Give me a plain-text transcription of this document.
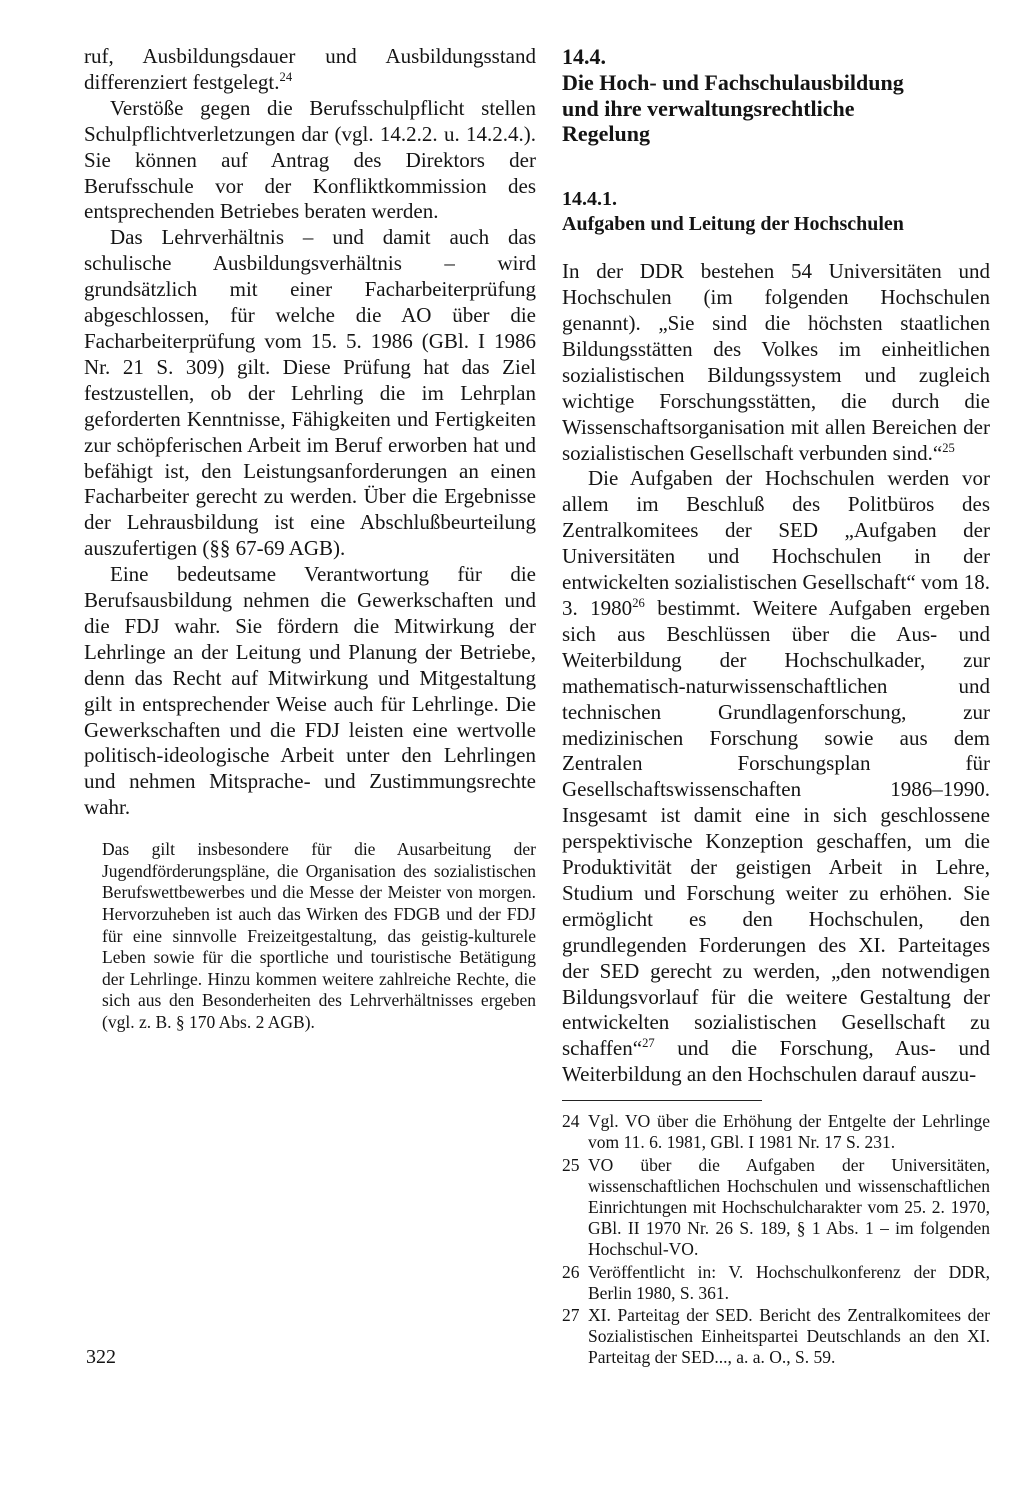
ruf, Ausbildungsdauer und Ausbildungsstand differenziert festgelegt.$^{24}$

Verstöße gegen die Berufsschulpflicht stellen Schulpflichtverletzungen dar (vgl. 14.2.2. u. 14.2.4.). Sie können auf Antrag des Direktors der Berufsschule vor der Konfliktkommission des entsprechenden Betriebes beraten werden.

Das Lehrverhältnis – und damit auch das schulische Ausbildungsverhältnis – wird grundsätzlich mit einer Facharbeiterprüfung abgeschlossen, für welche die AO über die Facharbeiterprüfung vom 15. 5. 1986 (GBl. I 1986 Nr. 21 S. 309) gilt. Diese Prüfung hat das Ziel festzustellen, ob der Lehrling die im Lehrplan geforderten Kenntnisse, Fähigkeiten und Fertigkeiten zur schöpferischen Arbeit im Beruf erworben hat und befähigt ist, den Leistungsanforderungen an einen Facharbeiter gerecht zu werden. Über die Ergebnisse der Lehrausbildung ist eine Abschlußbeurteilung auszufertigen (§§ 67-69 AGB).

Eine bedeutsame Verantwortung für die Berufsausbildung nehmen die Gewerkschaften und die FDJ wahr. Sie fördern die Mitwirkung der Lehrlinge an der Leitung und Planung der Betriebe, denn das Recht auf Mitwirkung und Mitgestaltung gilt in entsprechender Weise auch für Lehrlinge. Die Gewerkschaften und die FDJ leisten eine wertvolle politisch-ideologische Arbeit unter den Lehrlingen und nehmen Mitsprache- und Zustimmungsrechte wahr.

Das gilt insbesondere für die Ausarbeitung der Jugendförderungspläne, die Organisation des sozialistischen Berufswettbewerbes und die Messe der Meister von morgen. Hervorzuheben ist auch das Wirken des FDGB und der FDJ für eine sinnvolle Freizeitgestaltung, das geistig-kulturele Leben sowie für die sportliche und touristische Betätigung der Lehrlinge. Hinzu kommen weitere zahlreiche Rechte, die sich aus den Besonderheiten des Lehrverhältnisses ergeben (vgl. z. B. § 170 Abs. 2 AGB).

14.4.
Die Hoch- und Fachschulausbildung
und ihre verwaltungsrechtliche
Regelung
14.4.1.
Aufgaben und Leitung der Hochschulen

In der DDR bestehen 54 Universitäten und Hochschulen (im folgenden Hochschulen genannt). „Sie sind die höchsten staatlichen Bildungsstätten des Volkes im einheitlichen sozialistischen Bildungssystem und zugleich wichtige Forschungsstätten, die durch die Wissenschaftsorganisation mit allen Bereichen der sozialistischen Gesellschaft verbunden sind.“$^{25}$

Die Aufgaben der Hochschulen werden vor allem im Beschluß des Politbüros des Zentralkomitees der SED „Aufgaben der Universitäten und Hochschulen in der entwickelten sozialistischen Gesellschaft“ vom 18. 3. 1980$^{26}$ bestimmt. Weitere Aufgaben ergeben sich aus Beschlüssen über die Aus- und Weiterbildung der Hochschulkader, zur mathematisch-naturwissenschaftlichen und technischen Grundlagenforschung, zur medizinischen Forschung sowie aus dem Zentralen Forschungsplan für Gesellschaftswissenschaften 1986–1990. Insgesamt ist damit eine in sich geschlossene perspektivische Konzeption geschaffen, um die Produktivität der geistigen Arbeit in Lehre, Studium und Forschung weiter zu erhöhen. Sie ermöglicht es den Hochschulen, den grundlegenden Forderungen des XI. Parteitages der SED gerecht zu werden, „den notwendigen Bildungsvorlauf für die weitere Gestaltung der entwickelten sozialistischen Gesellschaft zu schaffen“$^{27}$ und die Forschung, Aus- und Weiterbildung an den Hochschulen darauf auszu-

24 Vgl. VO über die Erhöhung der Entgelte der Lehrlinge vom 11. 6. 1981, GBl. I 1981 Nr. 17 S. 231.
25 VO über die Aufgaben der Universitäten, wissenschaftlichen Hochschulen und wissenschaftlichen Einrichtungen mit Hochschulcharakter vom 25. 2. 1970, GBl. II 1970 Nr. 26 S. 189, § 1 Abs. 1 – im folgenden Hochschul-VO.
26 Veröffentlicht in: V. Hochschulkonferenz der DDR, Berlin 1980, S. 361.
27 XI. Parteitag der SED. Bericht des Zentralkomitees der Sozialistischen Einheitspartei Deutschlands an den XI. Parteitag der SED..., a. a. O., S. 59.
322
